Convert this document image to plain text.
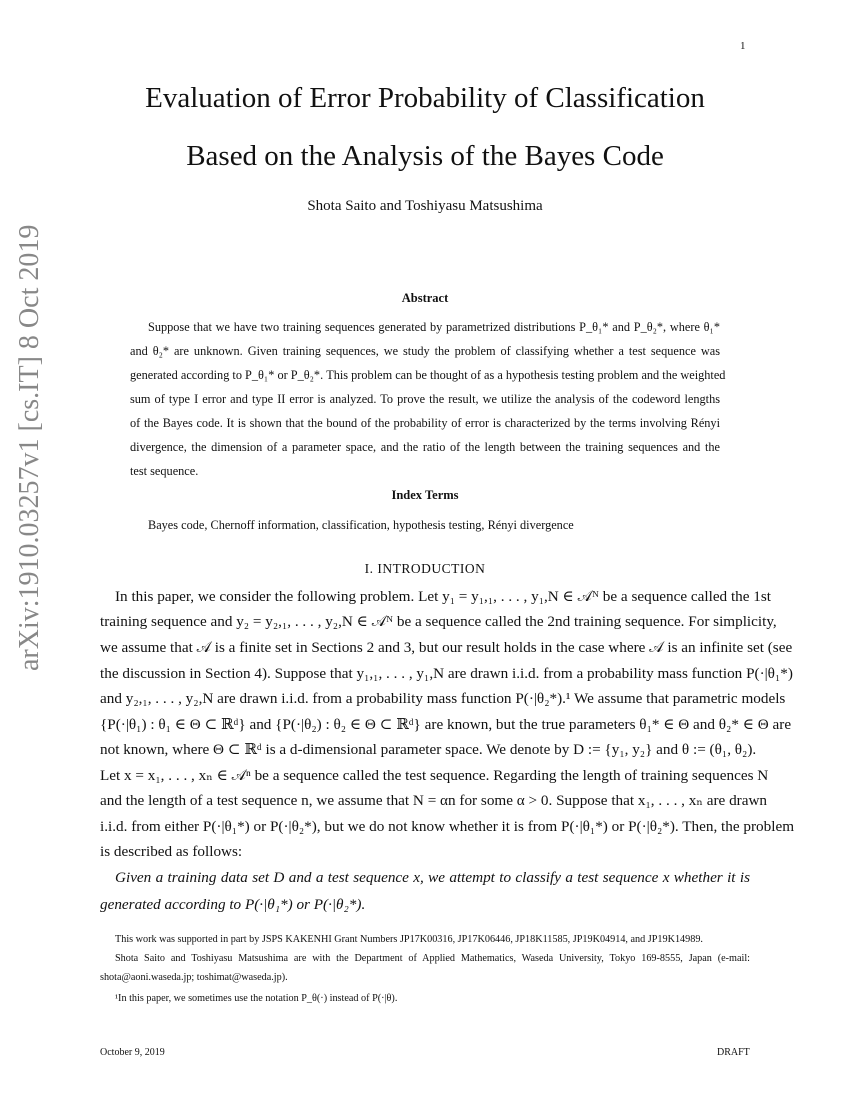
1
arXiv:1910.03257v1 [cs.IT] 8 Oct 2019
Evaluation of Error Probability of Classification
Based on the Analysis of the Bayes Code
Shota Saito and Toshiyasu Matsushima
Abstract
Suppose that we have two training sequences generated by parametrized distributions P_θ₁* and P_θ₂*, where θ₁*
and θ₂* are unknown. Given training sequences, we study the problem of classifying whether a test sequence was
generated according to P_θ₁* or P_θ₂*. This problem can be thought of as a hypothesis testing problem and the weighted
sum of type I error and type II error is analyzed. To prove the result, we utilize the analysis of the codeword lengths
of the Bayes code. It is shown that the bound of the probability of error is characterized by the terms involving Rényi
divergence, the dimension of a parameter space, and the ratio of the length between the training sequences and the
test sequence.
Index Terms
Bayes code, Chernoff information, classification, hypothesis testing, Rényi divergence
I. INTRODUCTION
In this paper, we consider the following problem. Let y₁ = y₁,₁, . . . , y₁,N ∈ 𝒜ᴺ be a sequence called the 1st
training sequence and y₂ = y₂,₁, . . . , y₂,N ∈ 𝒜ᴺ be a sequence called the 2nd training sequence. For simplicity,
we assume that 𝒜 is a finite set in Sections 2 and 3, but our result holds in the case where 𝒜 is an infinite set (see
the discussion in Section 4). Suppose that y₁,₁, . . . , y₁,N are drawn i.i.d. from a probability mass function P(·|θ₁*)
and y₂,₁, . . . , y₂,N are drawn i.i.d. from a probability mass function P(·|θ₂*).¹ We assume that parametric models
{P(·|θ₁) : θ₁ ∈ Θ ⊂ ℝᵈ} and {P(·|θ₂) : θ₂ ∈ Θ ⊂ ℝᵈ} are known, but the true parameters θ₁* ∈ Θ and θ₂* ∈ Θ are
not known, where Θ ⊂ ℝᵈ is a d-dimensional parameter space. We denote by D := {y₁, y₂} and θ := (θ₁, θ₂).
Let x = x₁, . . . , xₙ ∈ 𝒜ⁿ be a sequence called the test sequence. Regarding the length of training sequences N
and the length of a test sequence n, we assume that N = αn for some α > 0. Suppose that x₁, . . . , xₙ are drawn
i.i.d. from either P(·|θ₁*) or P(·|θ₂*), but we do not know whether it is from P(·|θ₁*) or P(·|θ₂*). Then, the problem
is described as follows:
Given a training data set D and a test sequence x, we attempt to classify a test sequence x whether it is
generated according to P(·|θ₁*) or P(·|θ₂*).
This work was supported in part by JSPS KAKENHI Grant Numbers JP17K00316, JP17K06446, JP18K11585, JP19K04914, and JP19K14989.
Shota Saito and Toshiyasu Matsushima are with the Department of Applied Mathematics, Waseda University, Tokyo 169-8555, Japan (e-mail:
shota@aoni.waseda.jp; toshimat@waseda.jp).
¹In this paper, we sometimes use the notation P_θ(·) instead of P(·|θ).
October 9, 2019	DRAFT
